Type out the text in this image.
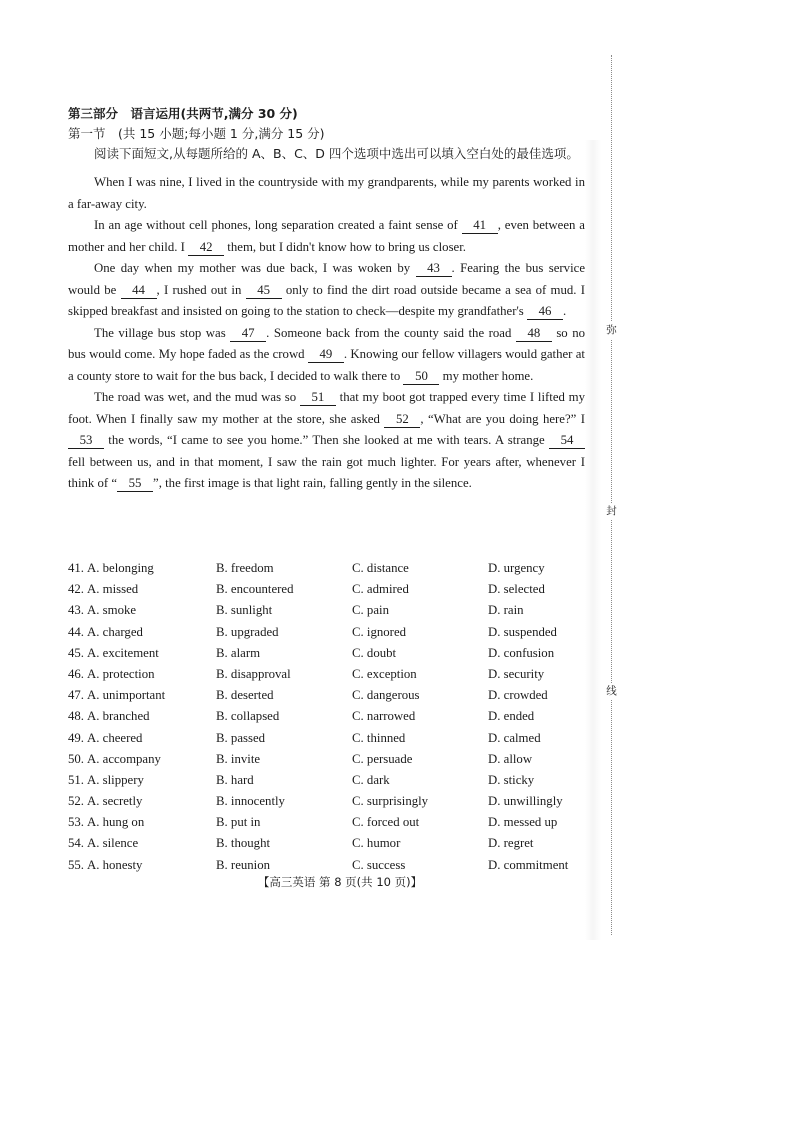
第三部分　语言运用(共两节,满分 30 分)
第一节　(共 15 小题;每小题 1 分,满分 15 分)
阅读下面短文,从每题所给的 A、B、C、D 四个选项中选出可以填入空白处的最佳选项。

When I was nine, I lived in the countryside with my grandparents, while my parents worked in a far-away city.

In an age without cell phones, long separation created a faint sense of 41 , even between a mother and her child. I 42 them, but I didn't know how to bring us closer.

One day when my mother was due back, I was woken by 43 . Fearing the bus service would be 44 , I rushed out in 45 only to find the dirt road outside became a sea of mud. I skipped breakfast and insisted on going to the station to check—despite my grandfather's 46 .

The village bus stop was 47 . Someone back from the county said the road 48 so no bus would come. My hope faded as the crowd 49 . Knowing our fellow villagers would gather at a county store to wait for the bus back, I decided to walk there to 50 my mother home.

The road was wet, and the mud was so 51 that my boot got trapped every time I lifted my foot. When I finally saw my mother at the store, she asked 52 , “What are you doing here?” I 53 the words, “I came to see you home.” Then she looked at me with tears. A strange 54 fell between us, and in that moment, I saw the rain got much lighter. For years after, whenever I think of “ 55 ”, the first image is that light rain, falling gently in the silence.

41. A. belonging	B. freedom	C. distance	D. urgency
42. A. missed	B. encountered	C. admired	D. selected
43. A. smoke	B. sunlight	C. pain	D. rain
44. A. charged	B. upgraded	C. ignored	D. suspended
45. A. excitement	B. alarm	C. doubt	D. confusion
46. A. protection	B. disapproval	C. exception	D. security
47. A. unimportant	B. deserted	C. dangerous	D. crowded
48. A. branched	B. collapsed	C. narrowed	D. ended
49. A. cheered	B. passed	C. thinned	D. calmed
50. A. accompany	B. invite	C. persuade	D. allow
51. A. slippery	B. hard	C. dark	D. sticky
52. A. secretly	B. innocently	C. surprisingly	D. unwillingly
53. A. hung on	B. put in	C. forced out	D. messed up
54. A. silence	B. thought	C. humor	D. regret
55. A. honesty	B. reunion	C. success	D. commitment
【高三英语 第 8 页(共 10 页)】
弥
封
线
